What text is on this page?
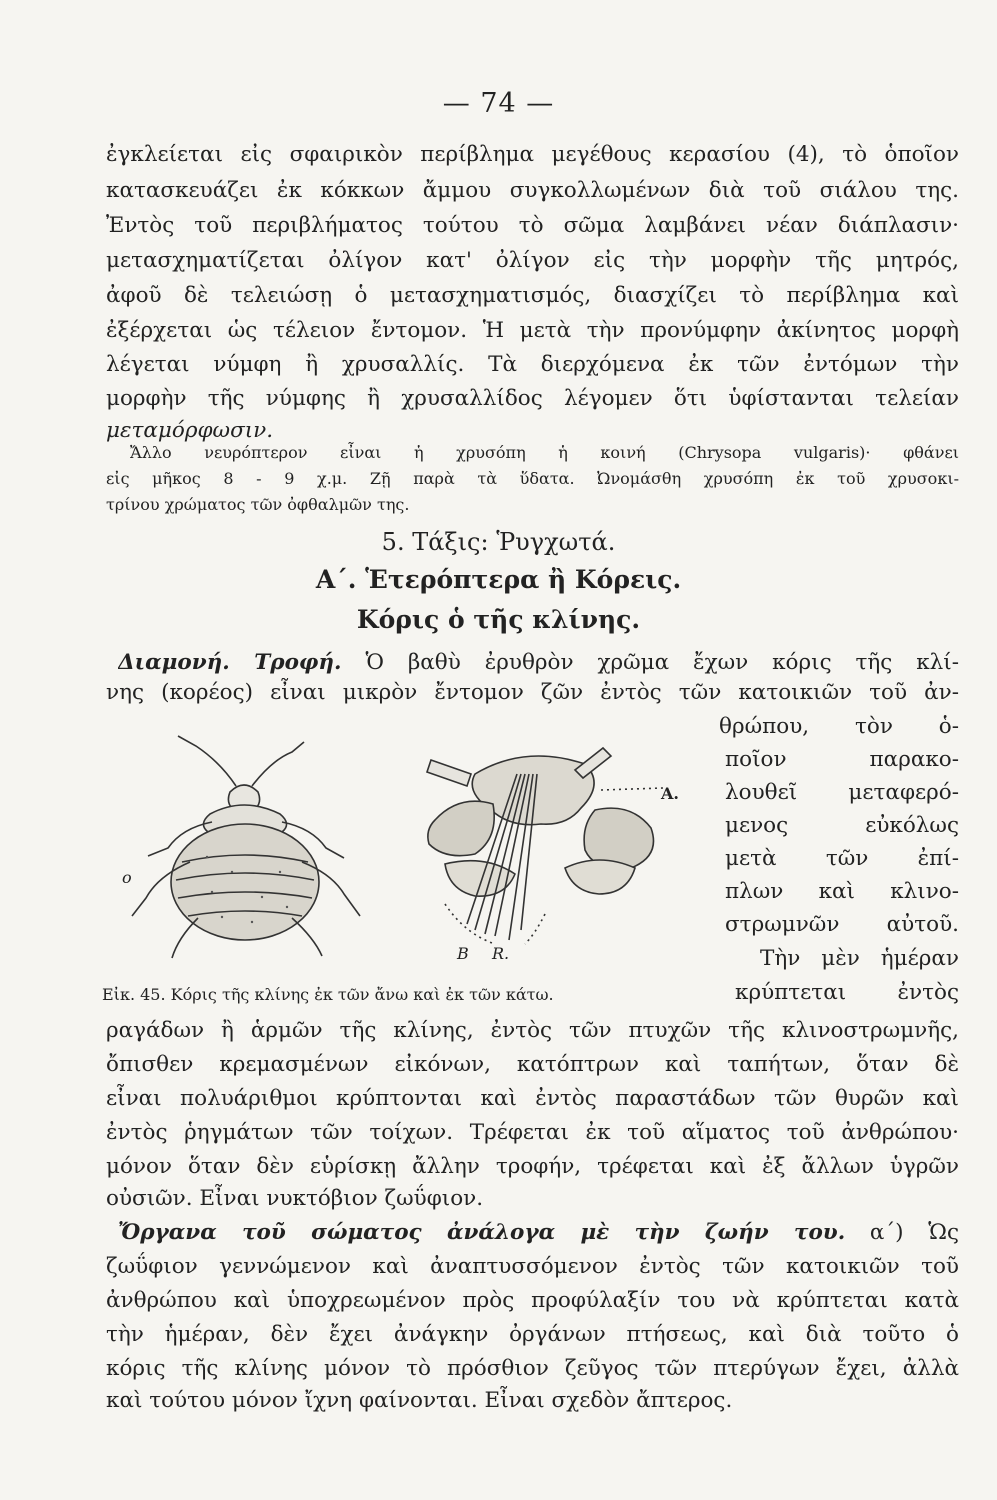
— 74 —
ἐγκλείεται εἰς σφαιρικὸν περίβλημα μεγέθους κερασίου (4), τὸ ὁποῖον
κατασκευάζει ἐκ κόκκων ἄμμου συγκολλωμένων διὰ τοῦ σιάλου της.
Ἐντὸς τοῦ περιβλήματος τούτου τὸ σῶμα λαμβάνει νέαν διάπλασιν·
μετασχηματίζεται ὀλίγον κατ' ὀλίγον εἰς τὴν μορφὴν τῆς μητρός,
ἀφοῦ δὲ τελειώσῃ ὁ μετασχηματισμός, διασχίζει τὸ περίβλημα καὶ
ἐξέρχεται ὡς τέλειον ἔντομον. Ἡ μετὰ τὴν προνύμφην ἀκίνητος μορφὴ
λέγεται νύμφη ἢ χρυσαλλίς. Τὰ διερχόμενα ἐκ τῶν ἐντόμων τὴν
μορφὴν τῆς νύμφης ἢ χρυσαλλίδος λέγομεν ὅτι ὑφίστανται τελείαν
μεταμόρφωσιν.
Ἄλλο νευρόπτερον εἶναι ἡ χρυσόπη ἡ κοινή (Chrysopa vulgaris)· φθάνει
εἰς μῆκος 8 - 9 χ.μ. Ζῇ παρὰ τὰ ὕδατα. Ὠνομάσθη χρυσόπη ἐκ τοῦ χρυσοκι-
τρίνου χρώματος τῶν ὀφθαλμῶν της.
5. Τάξις: Ῥυγχωτά.
Α΄. Ἑτερόπτερα ἢ Κόρεις.
Κόρις ὁ τῆς κλίνης.
Διαμονή. Τροφή. Ὁ βαθὺ ἐρυθρὸν χρῶμα ἔχων κόρις τῆς κλί-
νης (κορέος) εἶναι μικρὸν ἔντομον ζῶν ἐντὸς τῶν κατοικιῶν τοῦ ἀν-
θρώπου, τὸν ὁ-
ποῖον παρακο-
λουθεῖ μεταφερό-
μενος εὐκόλως
μετὰ τῶν ἐπί-
πλων καὶ κλινο-
στρωμνῶν αὐτοῦ.
Τὴν μὲν ἡμέραν
o
A.
B R.
Εἰκ. 45. Κόρις τῆς κλίνης ἐκ τῶν ἄνω καὶ ἐκ τῶν κάτω.	κρύπτεται ἐντὸς
ραγάδων ἢ ἁρμῶν τῆς κλίνης, ἐντὸς τῶν πτυχῶν τῆς κλινοστρωμνῆς,
ὄπισθεν κρεμασμένων εἰκόνων, κατόπτρων καὶ ταπήτων, ὅταν δὲ
εἶναι πολυάριθμοι κρύπτονται καὶ ἐντὸς παραστάδων τῶν θυρῶν καὶ
ἐντὸς ῥηγμάτων τῶν τοίχων. Τρέφεται ἐκ τοῦ αἵματος τοῦ ἀνθρώπου·
μόνον ὅταν δὲν εὑρίσκῃ ἄλλην τροφήν, τρέφεται καὶ ἐξ ἄλλων ὑγρῶν
οὐσιῶν. Εἶναι νυκτόβιον ζωΰφιον.
Ὄργανα τοῦ σώματος ἀνάλογα μὲ τὴν ζωήν του. α΄) Ὡς
ζωΰφιον γεννώμενον καὶ ἀναπτυσσόμενον ἐντὸς τῶν κατοικιῶν τοῦ
ἀνθρώπου καὶ ὑποχρεωμένον πρὸς προφύλαξίν του νὰ κρύπτεται κατὰ
τὴν ἡμέραν, δὲν ἔχει ἀνάγκην ὀργάνων πτήσεως, καὶ διὰ τοῦτο ὁ
κόρις τῆς κλίνης μόνον τὸ πρόσθιον ζεῦγος τῶν πτερύγων ἔχει, ἀλλὰ
καὶ τούτου μόνον ἴχνη φαίνονται. Εἶναι σχεδὸν ἄπτερος.
